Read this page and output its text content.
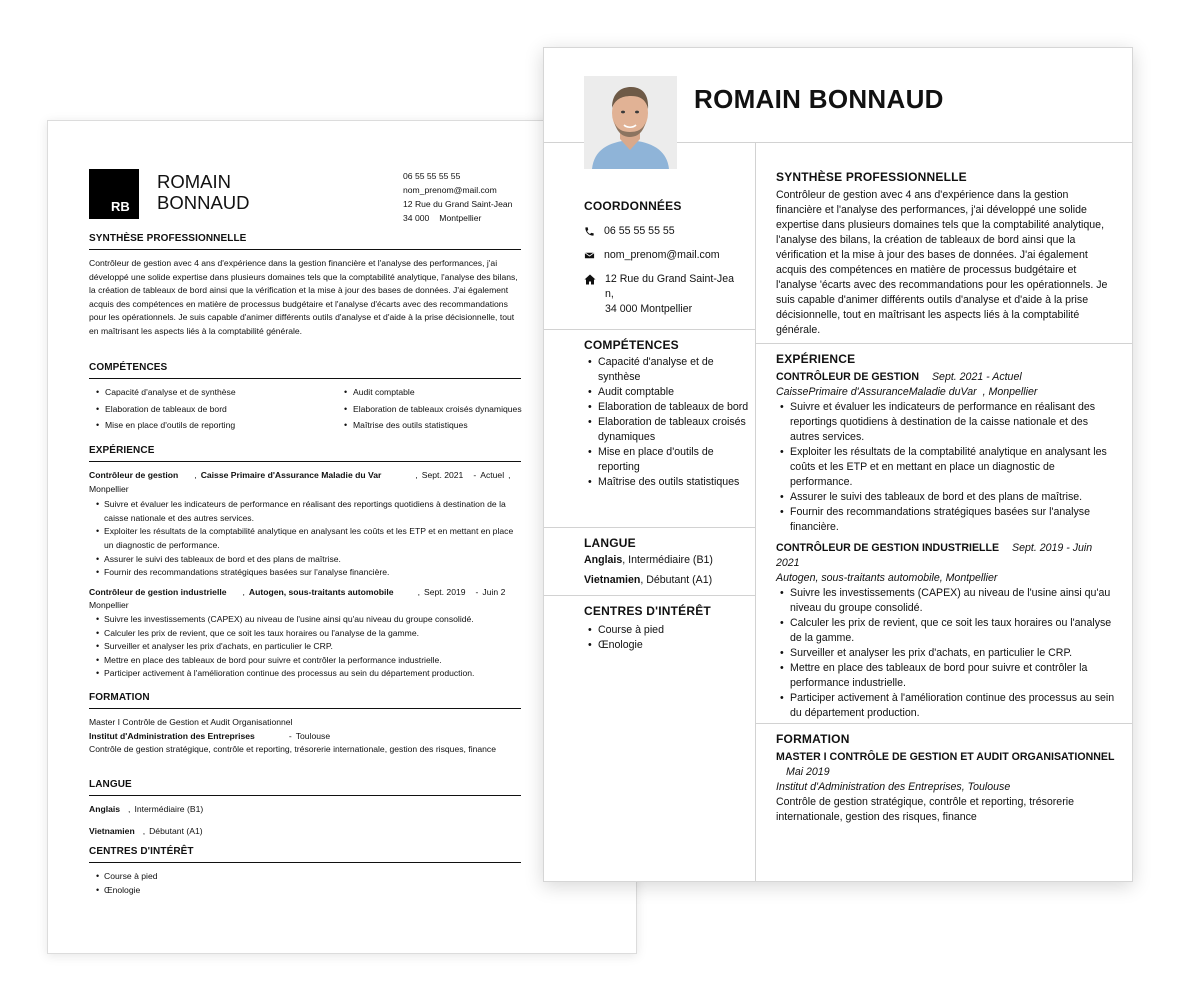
RB
ROMAIN
BONNAUD
06 55 55 55 55
nom_prenom@mail.com
12 Rue du Grand Saint-Jean
34 000 Montpellier
SYNTHÈSE PROFESSIONNELLE

Contrôleur de gestion avec 4 ans d'expérience dans la gestion financière et l'analyse des performances, j'ai développé une solide expertise dans plusieurs domaines tels que la comptabilité analytique, l'analyse des bilans, la création de tableaux de bord ainsi que la vérification et la mise à jour des bases de données. J'ai également acquis des compétences en matière de processus budgétaire et l'analyse d'écarts avec des recommandations pour les opérationnels. Je suis capable d'animer différents outils d'analyse et d'aide à la prise décisionnelle, tout en maîtrisant les aspects liés à la comptabilité générale.

COMPÉTENCES
• Capacité d'analyse et de synthèse	• Audit comptable
• Elaboration de tableaux de bord	• Elaboration de tableaux croisés dynamiques
• Mise en place d'outils de reporting	• Maîtrise des outils statistiques
EXPÉRIENCE
Contrôleur de gestion , Caisse Primaire d'Assurance Maladie du Var	, Sept. 2021 - Actuel ,
Monpellier
• Suivre et évaluer les indicateurs de performance en réalisant des reportings quotidiens à destination de la caisse nationale et des autres services.
• Exploiter les résultats de la comptabilité analytique en analysant les coûts et les ETP et en mettant en place un diagnostic de performance.
• Assurer le suivi des tableaux de bord et des plans de maîtrise.
• Fournir des recommandations stratégiques basées sur l'analyse financière.
Contrôleur de gestion industrielle , Autogen, sous-traitants automobile	, Sept. 2019 - Juin 2
Monpellier
• Suivre les investissements (CAPEX) au niveau de l'usine ainsi qu'au niveau du groupe consolidé.
• Calculer les prix de revient, que ce soit les taux horaires ou l'analyse de la gamme.
• Surveiller et analyser les prix d'achats, en particulier le CRP.
• Mettre en place des tableaux de bord pour suivre et contrôler la performance industrielle.
• Participer activement à l'amélioration continue des processus au sein du département production.
FORMATION
Master I Contrôle de Gestion et Audit Organisationnel
Institut d'Administration des Entreprises	- Toulouse

Contrôle de gestion stratégique, contrôle et reporting, trésorerie internationale, gestion des risques, finance

LANGUE
Anglais , Intermédiaire (B1)
Vietnamien , Débutant (A1)
CENTRES D'INTÉRÊT
• Course à pied
• Œnologie
ROMAIN BONNAUD
COORDONNÉES
06 55 55 55 55
nom_prenom@mail.com
12 Rue du Grand Saint-Jea
n,
34 000 Montpellier
COMPÉTENCES
• Capacité d'analyse et de synthèse
• Audit comptable
• Elaboration de tableaux de bord
• Elaboration de tableaux croisés dynamiques
• Mise en place d'outils de reporting
• Maîtrise des outils statistiques
LANGUE
Anglais, Intermédiaire (B1)
Vietnamien, Débutant (A1)
CENTRES D'INTÉRÊT
• Course à pied
• Œnologie
SYNTHÈSE PROFESSIONNELLE

Contrôleur de gestion avec 4 ans d'expérience dans la gestion financière et l'analyse des performances, j'ai développé une solide expertise dans plusieurs domaines tels que la comptabilité analytique, l'analyse des bilans, la création de tableaux de bord ainsi que la vérification et la mise à jour des bases de données. J'ai également acquis des compétences en matière de processus budgétaire et l'analyse 'écarts avec des recommandations pour les opérationnels. Je suis capable d'animer différents outils d'analyse et d'aide à la prise décisionnelle, tout en maîtrisant les aspects liés à la comptabilité générale.

EXPÉRIENCE
CONTRÔLEUR DE GESTION Sept. 2021 - Actuel
CaissePrimaire d'AssuranceMaladie duVar , Monpellier
• Suivre et évaluer les indicateurs de performance en réalisant des reportings quotidiens à destination de la caisse nationale et des autres services.
• Exploiter les résultats de la comptabilité analytique en analysant les coûts et les ETP et en mettant en place un diagnostic de performance.
• Assurer le suivi des tableaux de bord et des plans de maîtrise.
• Fournir des recommandations stratégiques basées sur l'analyse financière.
CONTRÔLEUR DE GESTION INDUSTRIELLE Sept. 2019 - Juin 2021
Autogen, sous-traitants automobile, Montpellier
• Suivre les investissements (CAPEX) au niveau de l'usine ainsi qu'au niveau du groupe consolidé.
• Calculer les prix de revient, que ce soit les taux horaires ou l'analyse de la gamme.
• Surveiller et analyser les prix d'achats, en particulier le CRP.
• Mettre en place des tableaux de bord pour suivre et contrôler la performance industrielle.
• Participer activement à l'amélioration continue des processus au sein du département production.
FORMATION
MASTER I CONTRÔLE DE GESTION ET AUDIT ORGANISATIONNEL Mai 2019
Institut d'Administration des Entreprises, Toulouse

Contrôle de gestion stratégique, contrôle et reporting, trésorerie internationale, gestion des risques, finance
